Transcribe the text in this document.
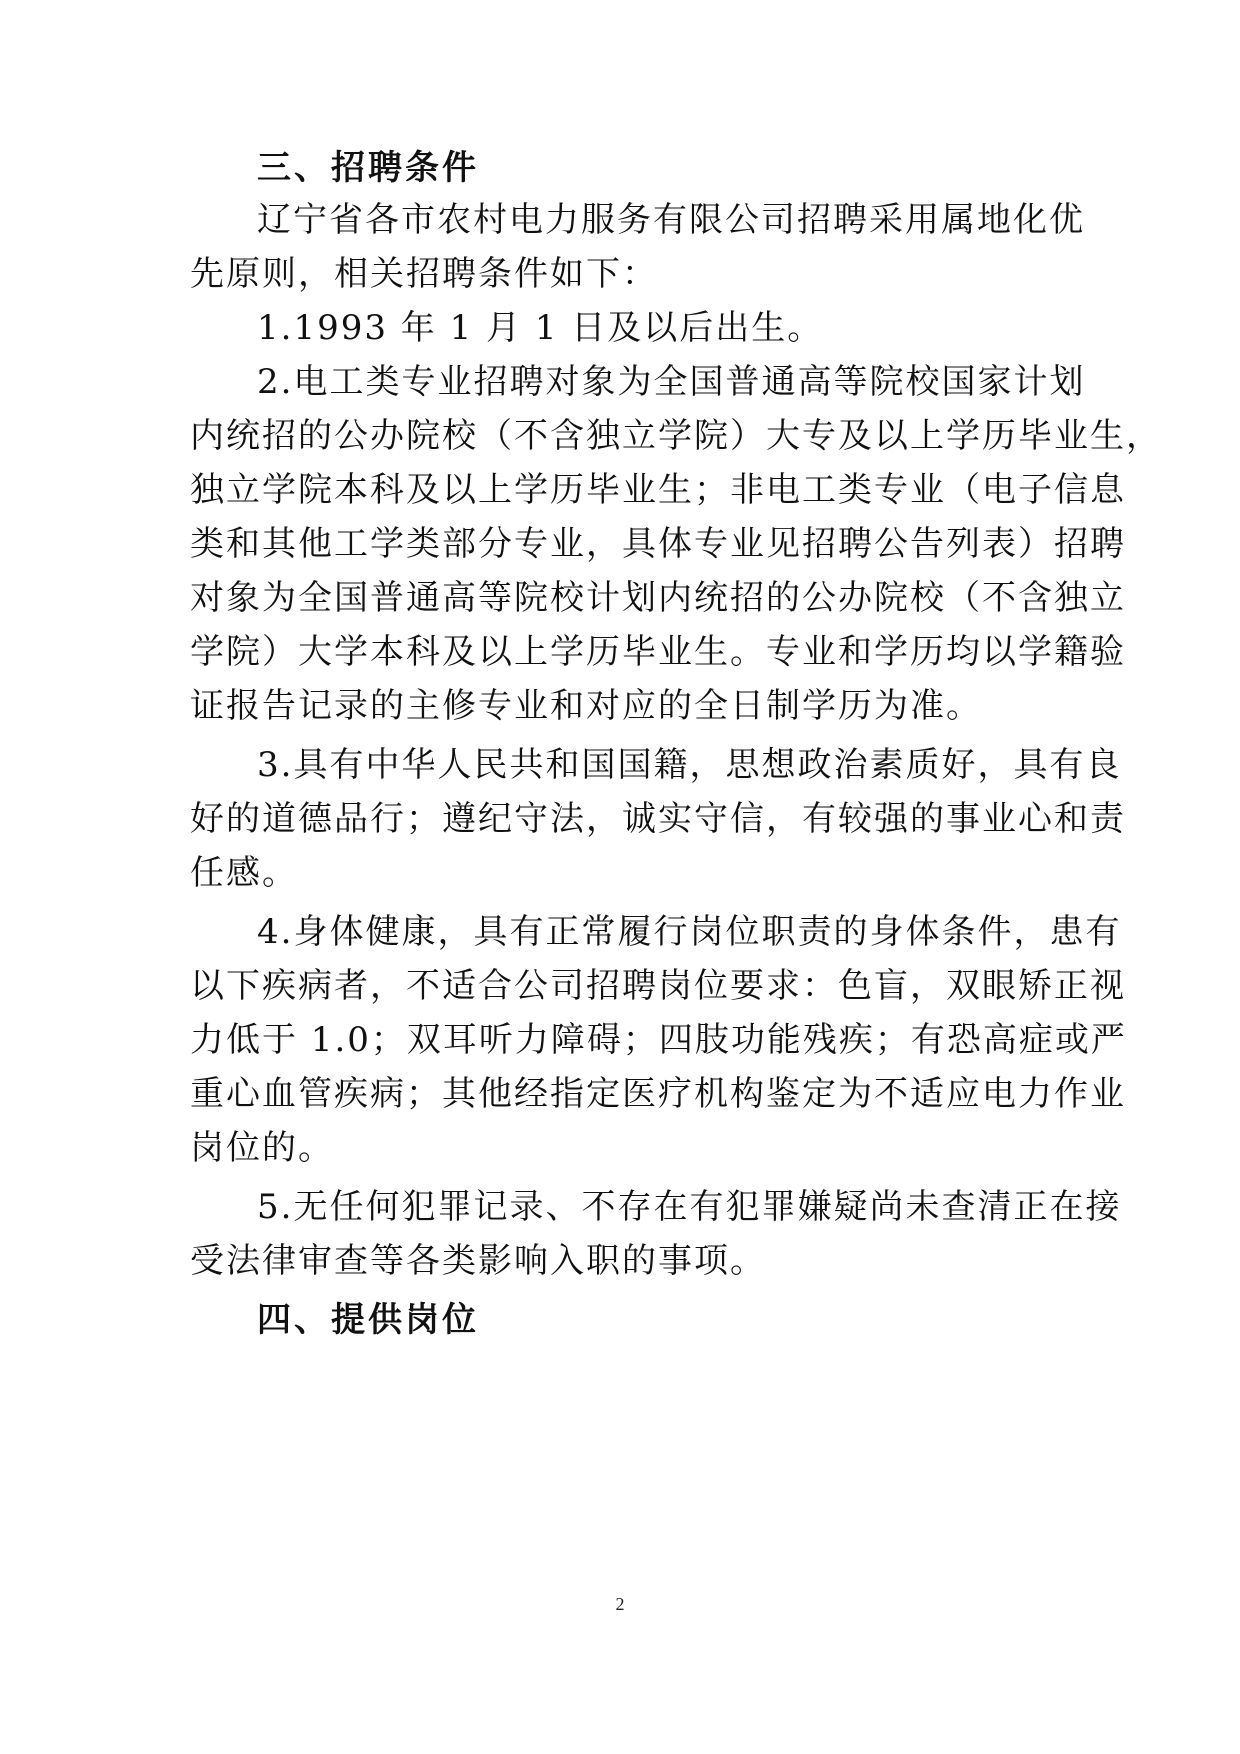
三、招聘条件
辽宁省各市农村电力服务有限公司招聘采用属地化优
先原则，相关招聘条件如下：
1.1993 年 1 月 1 日及以后出生。
2.电工类专业招聘对象为全国普通高等院校国家计划
内统招的公办院校（不含独立学院）大专及以上学历毕业生，
独立学院本科及以上学历毕业生；非电工类专业（电子信息
类和其他工学类部分专业，具体专业见招聘公告列表）招聘
对象为全国普通高等院校计划内统招的公办院校（不含独立
学院）大学本科及以上学历毕业生。专业和学历均以学籍验
证报告记录的主修专业和对应的全日制学历为准。
3.具有中华人民共和国国籍，思想政治素质好，具有良
好的道德品行；遵纪守法，诚实守信，有较强的事业心和责
任感。
4.身体健康，具有正常履行岗位职责的身体条件，患有
以下疾病者，不适合公司招聘岗位要求：色盲，双眼矫正视
力低于 1.0；双耳听力障碍；四肢功能残疾；有恐高症或严
重心血管疾病；其他经指定医疗机构鉴定为不适应电力作业
岗位的。
5.无任何犯罪记录、不存在有犯罪嫌疑尚未查清正在接
受法律审查等各类影响入职的事项。
四、提供岗位
2
